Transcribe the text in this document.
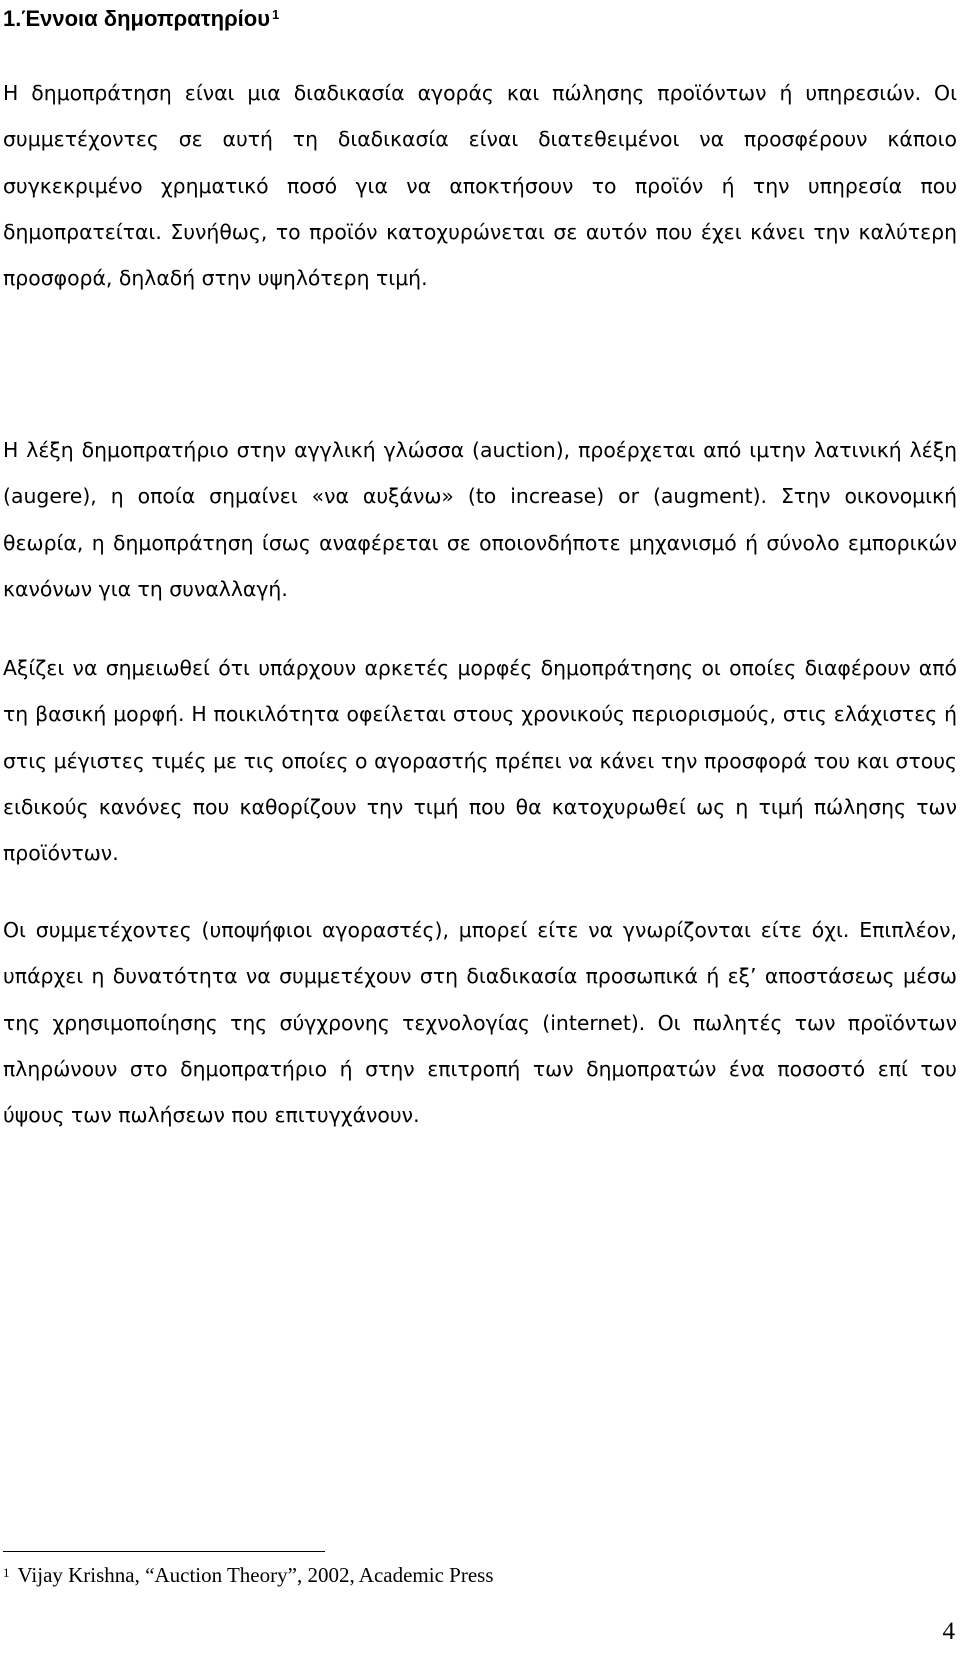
1.Έννοια δημοπρατηρίου $^1$

Η δημοπράτηση είναι μια διαδικασία αγοράς και πώλησης προϊόντων ή υπηρεσιών. Οι συμμετέχοντες σε αυτή τη διαδικασία είναι διατεθειμένοι να προσφέρουν κάποιο συγκεκριμένο χρηματικό ποσό για να αποκτήσουν το προϊόν ή την υπηρεσία που δημοπρατείται. Συνήθως, το προϊόν κατοχυρώνεται σε αυτόν που έχει κάνει την καλύτερη προσφορά, δηλαδή στην υψηλότερη τιμή.

Η λέξη δημοπρατήριο στην αγγλική γλώσσα (auction), προέρχεται από ιμτην λατινική λέξη (augere), η οποία σημαίνει «να αυξάνω» (to increase) or (augment). Στην οικονομική θεωρία, η δημοπράτηση ίσως αναφέρεται σε οποιονδήποτε μηχανισμό ή σύνολο εμπορικών κανόνων για τη συναλλαγή.

Αξίζει να σημειωθεί ότι υπάρχουν αρκετές μορφές δημοπράτησης οι οποίες διαφέρουν από τη βασική μορφή. Η ποικιλότητα οφείλεται στους χρονικούς περιορισμούς, στις ελάχιστες ή στις μέγιστες τιμές με τις οποίες ο αγοραστής πρέπει να κάνει την προσφορά του και στους ειδικούς κανόνες που καθορίζουν την τιμή που θα κατοχυρωθεί ως η τιμή πώλησης των προϊόντων.

Οι συμμετέχοντες (υποψήφιοι αγοραστές), μπορεί είτε να γνωρίζονται είτε όχι. Επιπλέον, υπάρχει η δυνατότητα να συμμετέχουν στη διαδικασία προσωπικά ή εξ’ αποστάσεως μέσω της χρησιμοποίησης της σύγχρονης τεχνολογίας (internet). Οι πωλητές των προϊόντων πληρώνουν στο δημοπρατήριο ή στην επιτροπή των δημοπρατών ένα ποσοστό επί του ύψους των πωλήσεων που επιτυγχάνουν.

$^1$ Vijay Krishna, “Auction Theory”, 2002, Academic Press
4
